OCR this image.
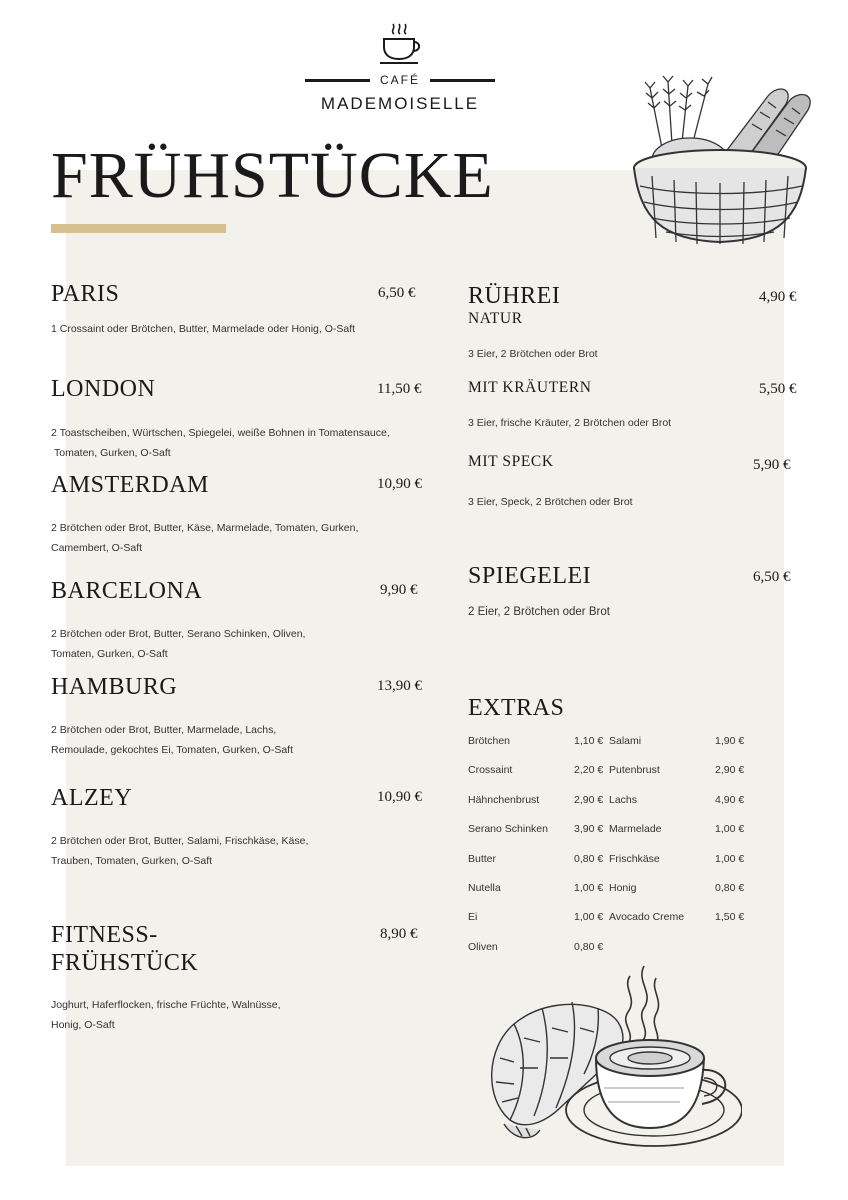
CAFÉ
MADEMOISELLE
FRÜHSTÜCKE
PARIS	6,50 €
1 Crossaint oder Brötchen, Butter, Marmelade oder Honig, O-Saft
LONDON	11,50 €
2 Toastscheiben, Würtschen, Spiegelei, weiße Bohnen in Tomatensauce,
Tomaten, Gurken, O-Saft
AMSTERDAM	10,90 €
2 Brötchen oder Brot, Butter, Käse, Marmelade, Tomaten, Gurken,
Camembert, O-Saft
BARCELONA	9,90 €
2 Brötchen oder Brot, Butter, Serano Schinken, Oliven,
Tomaten, Gurken, O-Saft
HAMBURG	13,90 €
2 Brötchen oder Brot, Butter, Marmelade, Lachs,
Remoulade, gekochtes Ei, Tomaten, Gurken, O-Saft
ALZEY	10,90 €
2 Brötchen oder Brot, Butter, Salami, Frischkäse, Käse,
Trauben, Tomaten, Gurken, O-Saft
FITNESS-
FRÜHSTÜCK
8,90 €
Joghurt, Haferflocken, frische Früchte, Walnüsse,
Honig, O-Saft
RÜHREI	4,90 €
NATUR
3 Eier, 2 Brötchen oder Brot
MIT KRÄUTERN	5,50 €
3 Eier, frische Kräuter, 2 Brötchen oder Brot
MIT SPECK	5,90 €
3 Eier, Speck, 2 Brötchen oder Brot
SPIEGELEI	6,50 €
2 Eier, 2 Brötchen oder Brot
EXTRAS
Brötchen	1,10 €
Crossaint	2,20 €
Hähnchenbrust	2,90 €
Serano Schinken 3,90 €
Butter	0,80 €
Nutella	1,00 €
Ei	1,00 €
Oliven	0,80 €
Salami	1,90 €
Putenbrust	2,90 €
Lachs	4,90 €
Marmelade	1,00 €
Frischkäse	1,00 €
Honig	0,80 €
Avocado Creme	1,50 €
